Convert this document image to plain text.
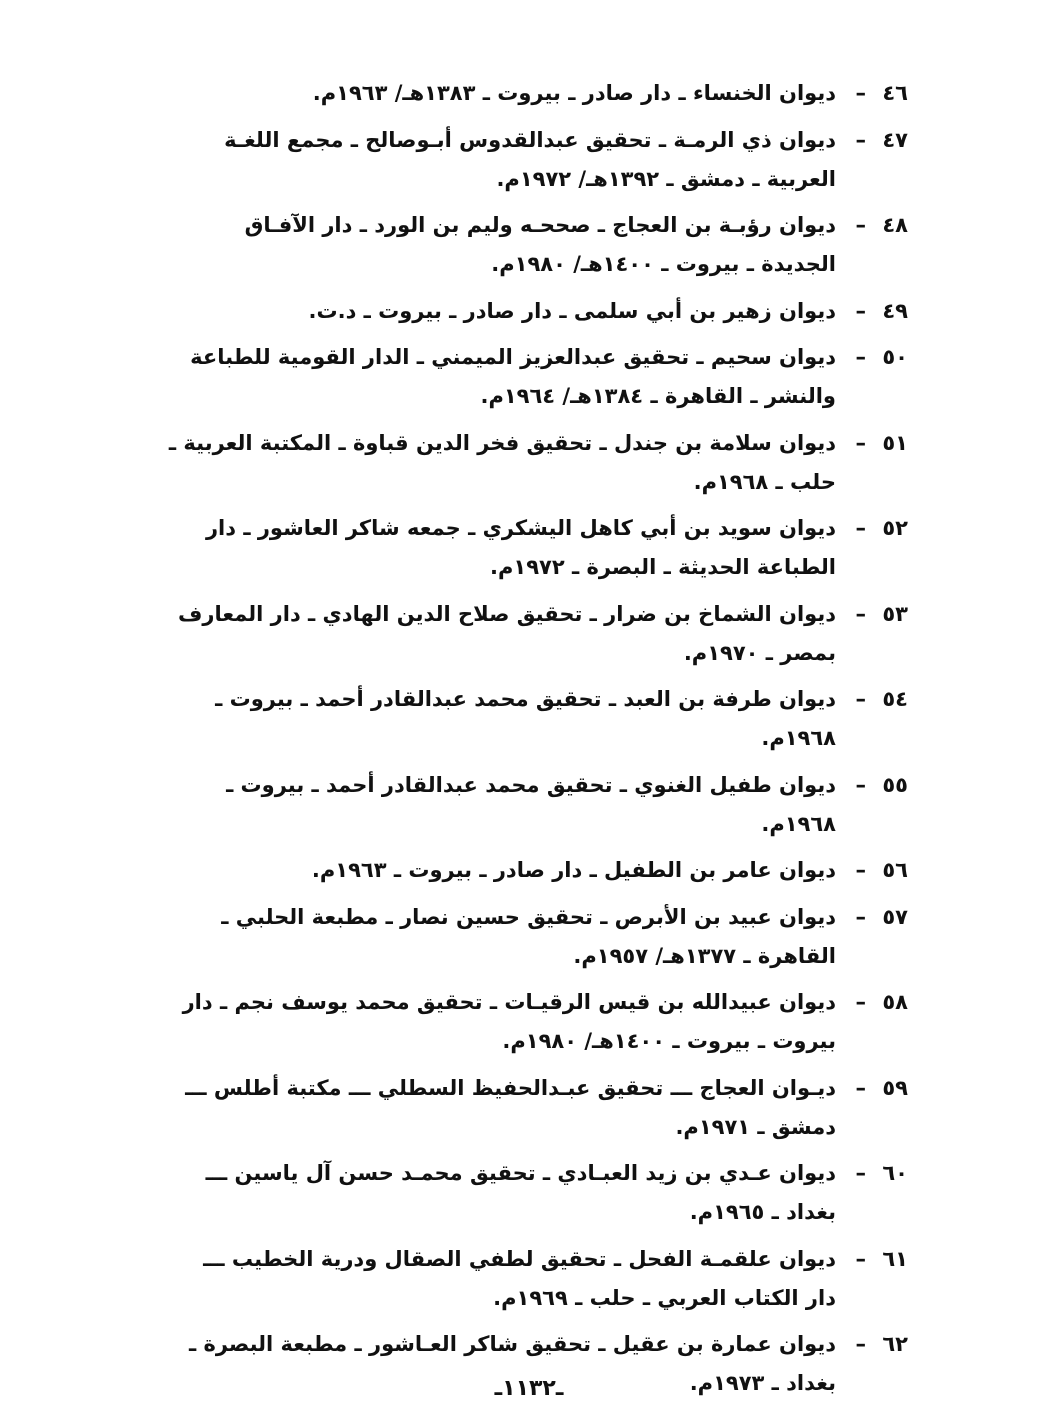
٤٦
–
ديوان الخنساء ـ دار صادر ـ بيروت ـ ١٣٨٣هـ/ ١٩٦٣م.
٤٧
–
ديوان ذي الرمـة ـ تحقيق عبدالقدوس أبـوصالح ـ مجمع اللغـة العربية ـ دمشق ـ ١٣٩٢هـ/ ١٩٧٢م.
٤٨
–
ديوان رؤبـة بن العجاج ـ صححـه وليم بن الورد ـ دار الآفـاق الجديدة ـ بيروت ـ ١٤٠٠هـ/ ١٩٨٠م.
٤٩
–
ديوان زهير بن أبي سلمى ـ دار صادر ـ بيروت ـ د.ت.
٥٠
–
ديوان سحيم ـ تحقيق عبدالعزيز الميمني ـ الدار القومية للطباعة والنشر ـ القاهرة ـ ١٣٨٤هـ/ ١٩٦٤م.
٥١
–
ديوان سلامة بن جندل ـ تحقيق فخر الدين قباوة ـ المكتبة العربية ـ حلب ـ ١٩٦٨م.
٥٢
–
ديوان سويد بن أبي كاهل اليشكري ـ جمعه شاكر العاشور ـ دار الطباعة الحديثة ـ البصرة ـ ١٩٧٢م.
٥٣
–
ديوان الشماخ بن ضرار ـ تحقيق صلاح الدين الهادي ـ دار المعارف بمصر ـ ١٩٧٠م.
٥٤
–
ديوان طرفة بن العبد ـ تحقيق محمد عبدالقادر أحمد ـ بيروت ـ ١٩٦٨م.
٥٥
–
ديوان طفيل الغنوي ـ تحقيق محمد عبدالقادر أحمد ـ بيروت ـ ١٩٦٨م.
٥٦
–
ديوان عامر بن الطفيل ـ دار صادر ـ بيروت ـ ١٩٦٣م.
٥٧
–
ديوان عبيد بن الأبرص ـ تحقيق حسين نصار ـ مطبعة الحلبي ـ القاهرة ـ ١٣٧٧هـ/ ١٩٥٧م.
٥٨
–
ديوان عبيدالله بن قيس الرقيـات ـ تحقيق محمد يوسف نجم ـ دار بيروت ـ بيروت ـ ١٤٠٠هـ/ ١٩٨٠م.
٥٩
–
ديـوان العجاج ـــ تحقيق عبـدالحفيظ السطلي ـــ مكتبة أطلس ـــ دمشق ـ ١٩٧١م.
٦٠
–
ديوان عـدي بن زيد العبـادي ـ تحقيق محمـد حسن آل ياسين ـــ بغداد ـ ١٩٦٥م.
٦١
–
ديوان علقمـة الفحل ـ تحقيق لطفي الصقال ودرية الخطيب ـــ دار الكتاب العربي ـ حلب ـ ١٩٦٩م.
٦٢
–
ديوان عمارة بن عقيل ـ تحقيق شاكر العـاشور ـ مطبعة البصرة ـ بغداد ـ ١٩٧٣م.
ـ١١٣٢ـ
